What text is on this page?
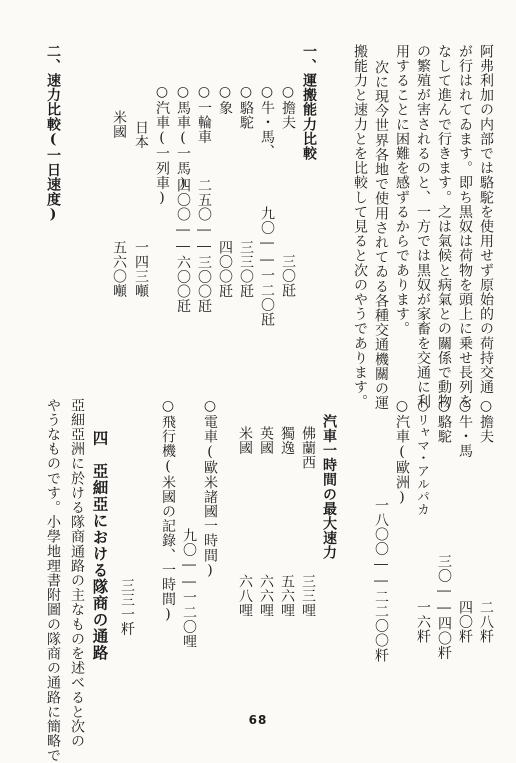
阿弗利加の内部では駱駝を使用せず原始的の荷持交通
が行はれてゐます。即ち黒奴は荷物を頭上に乗せ長列を
なして進んで行きます。之は氣候と病氣との關係で動物
の繁殖が害されるのと、一方では黒奴が家畜を交通に利
用することに困難を感ずるからであります。
次に現今世界各地で使用されてゐる各種交通機關の運
搬能力と速力とを比較して見ると次のやうであります。
一、運搬能力比較
○擔夫
三〇瓩
○牛・馬、
九〇――一二〇瓩
○駱駝
三三〇瓩
○象
四〇〇瓩
○一輪車
二五〇――三〇〇瓩
○馬車(一馬)
四〇〇――六〇〇瓩
○汽車(一列車)
日本
一四三噸
米國
五六〇噸
二、速力比較(一日速度)
○擔夫
二八粁
○牛・馬
四〇粁
○駱駝
三〇――四〇粁
○リャマ・アルパカ
一六粁
○汽車(歐洲)
一八〇〇――二二〇〇粁
汽車一時間の最大速力
佛蘭西
三三哩
獨逸
五六哩
英國
六六哩
米國
六八哩
○電車(歐米諸國一時間)
九〇――一二〇哩
○飛行機(米國の記錄、一時間)
三三一粁
四　亞細亞における隊商の通路
亞細亞洲に於ける隊商通路の主なものを述べると次の
やうなものです。小學地理書附圖の隊商の通路に簡略で	68
